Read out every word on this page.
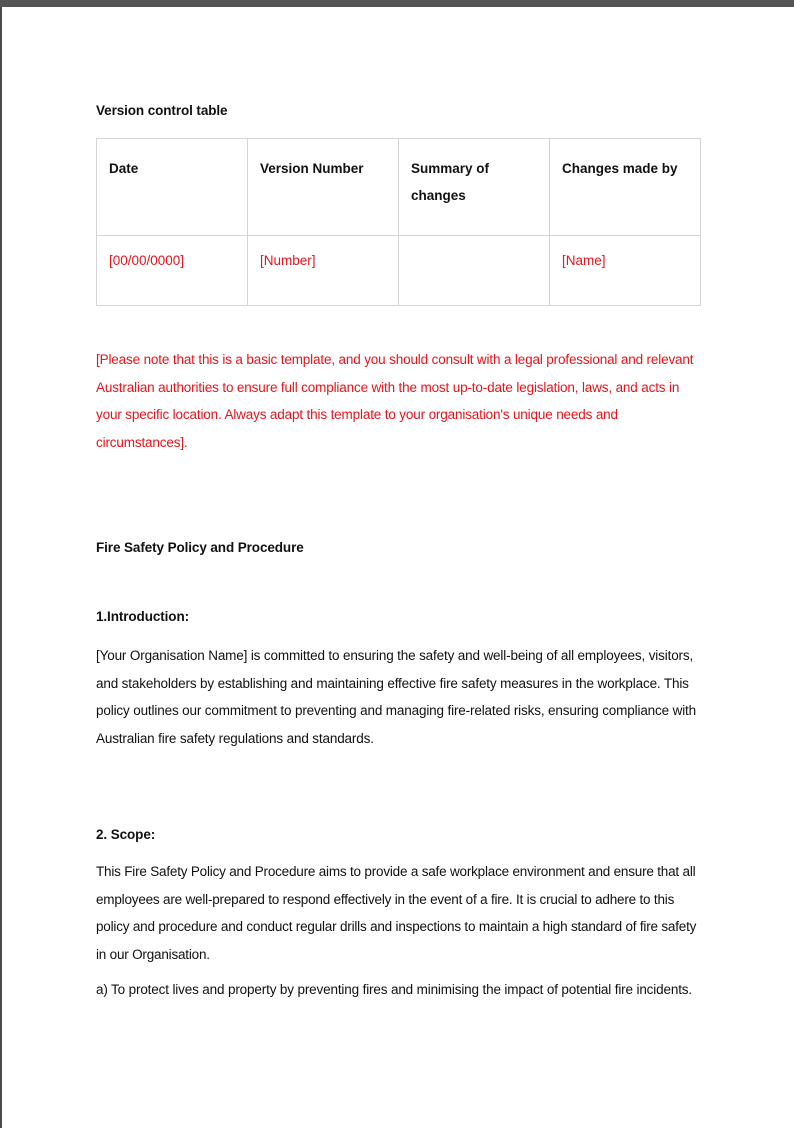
Version control table
Date	Version Number	Summary of changes	Changes made by

[00/00/0000]	[Number]		[Name]
[Please note that this is a basic template, and you should consult with a legal professional and relevant Australian authorities to ensure full compliance with the most up-to-date legislation, laws, and acts in your specific location. Always adapt this template to your organisation's unique needs and circumstances].
Fire Safety Policy and Procedure
1.Introduction:
[Your Organisation Name] is committed to ensuring the safety and well-being of all employees, visitors, and stakeholders by establishing and maintaining effective fire safety measures in the workplace. This policy outlines our commitment to preventing and managing fire-related risks, ensuring compliance with Australian fire safety regulations and standards.
2. Scope:
This Fire Safety Policy and Procedure aims to provide a safe workplace environment and ensure that all employees are well-prepared to respond effectively in the event of a fire. It is crucial to adhere to this policy and procedure and conduct regular drills and inspections to maintain a high standard of fire safety in our Organisation.
a) To protect lives and property by preventing fires and minimising the impact of potential fire incidents.
